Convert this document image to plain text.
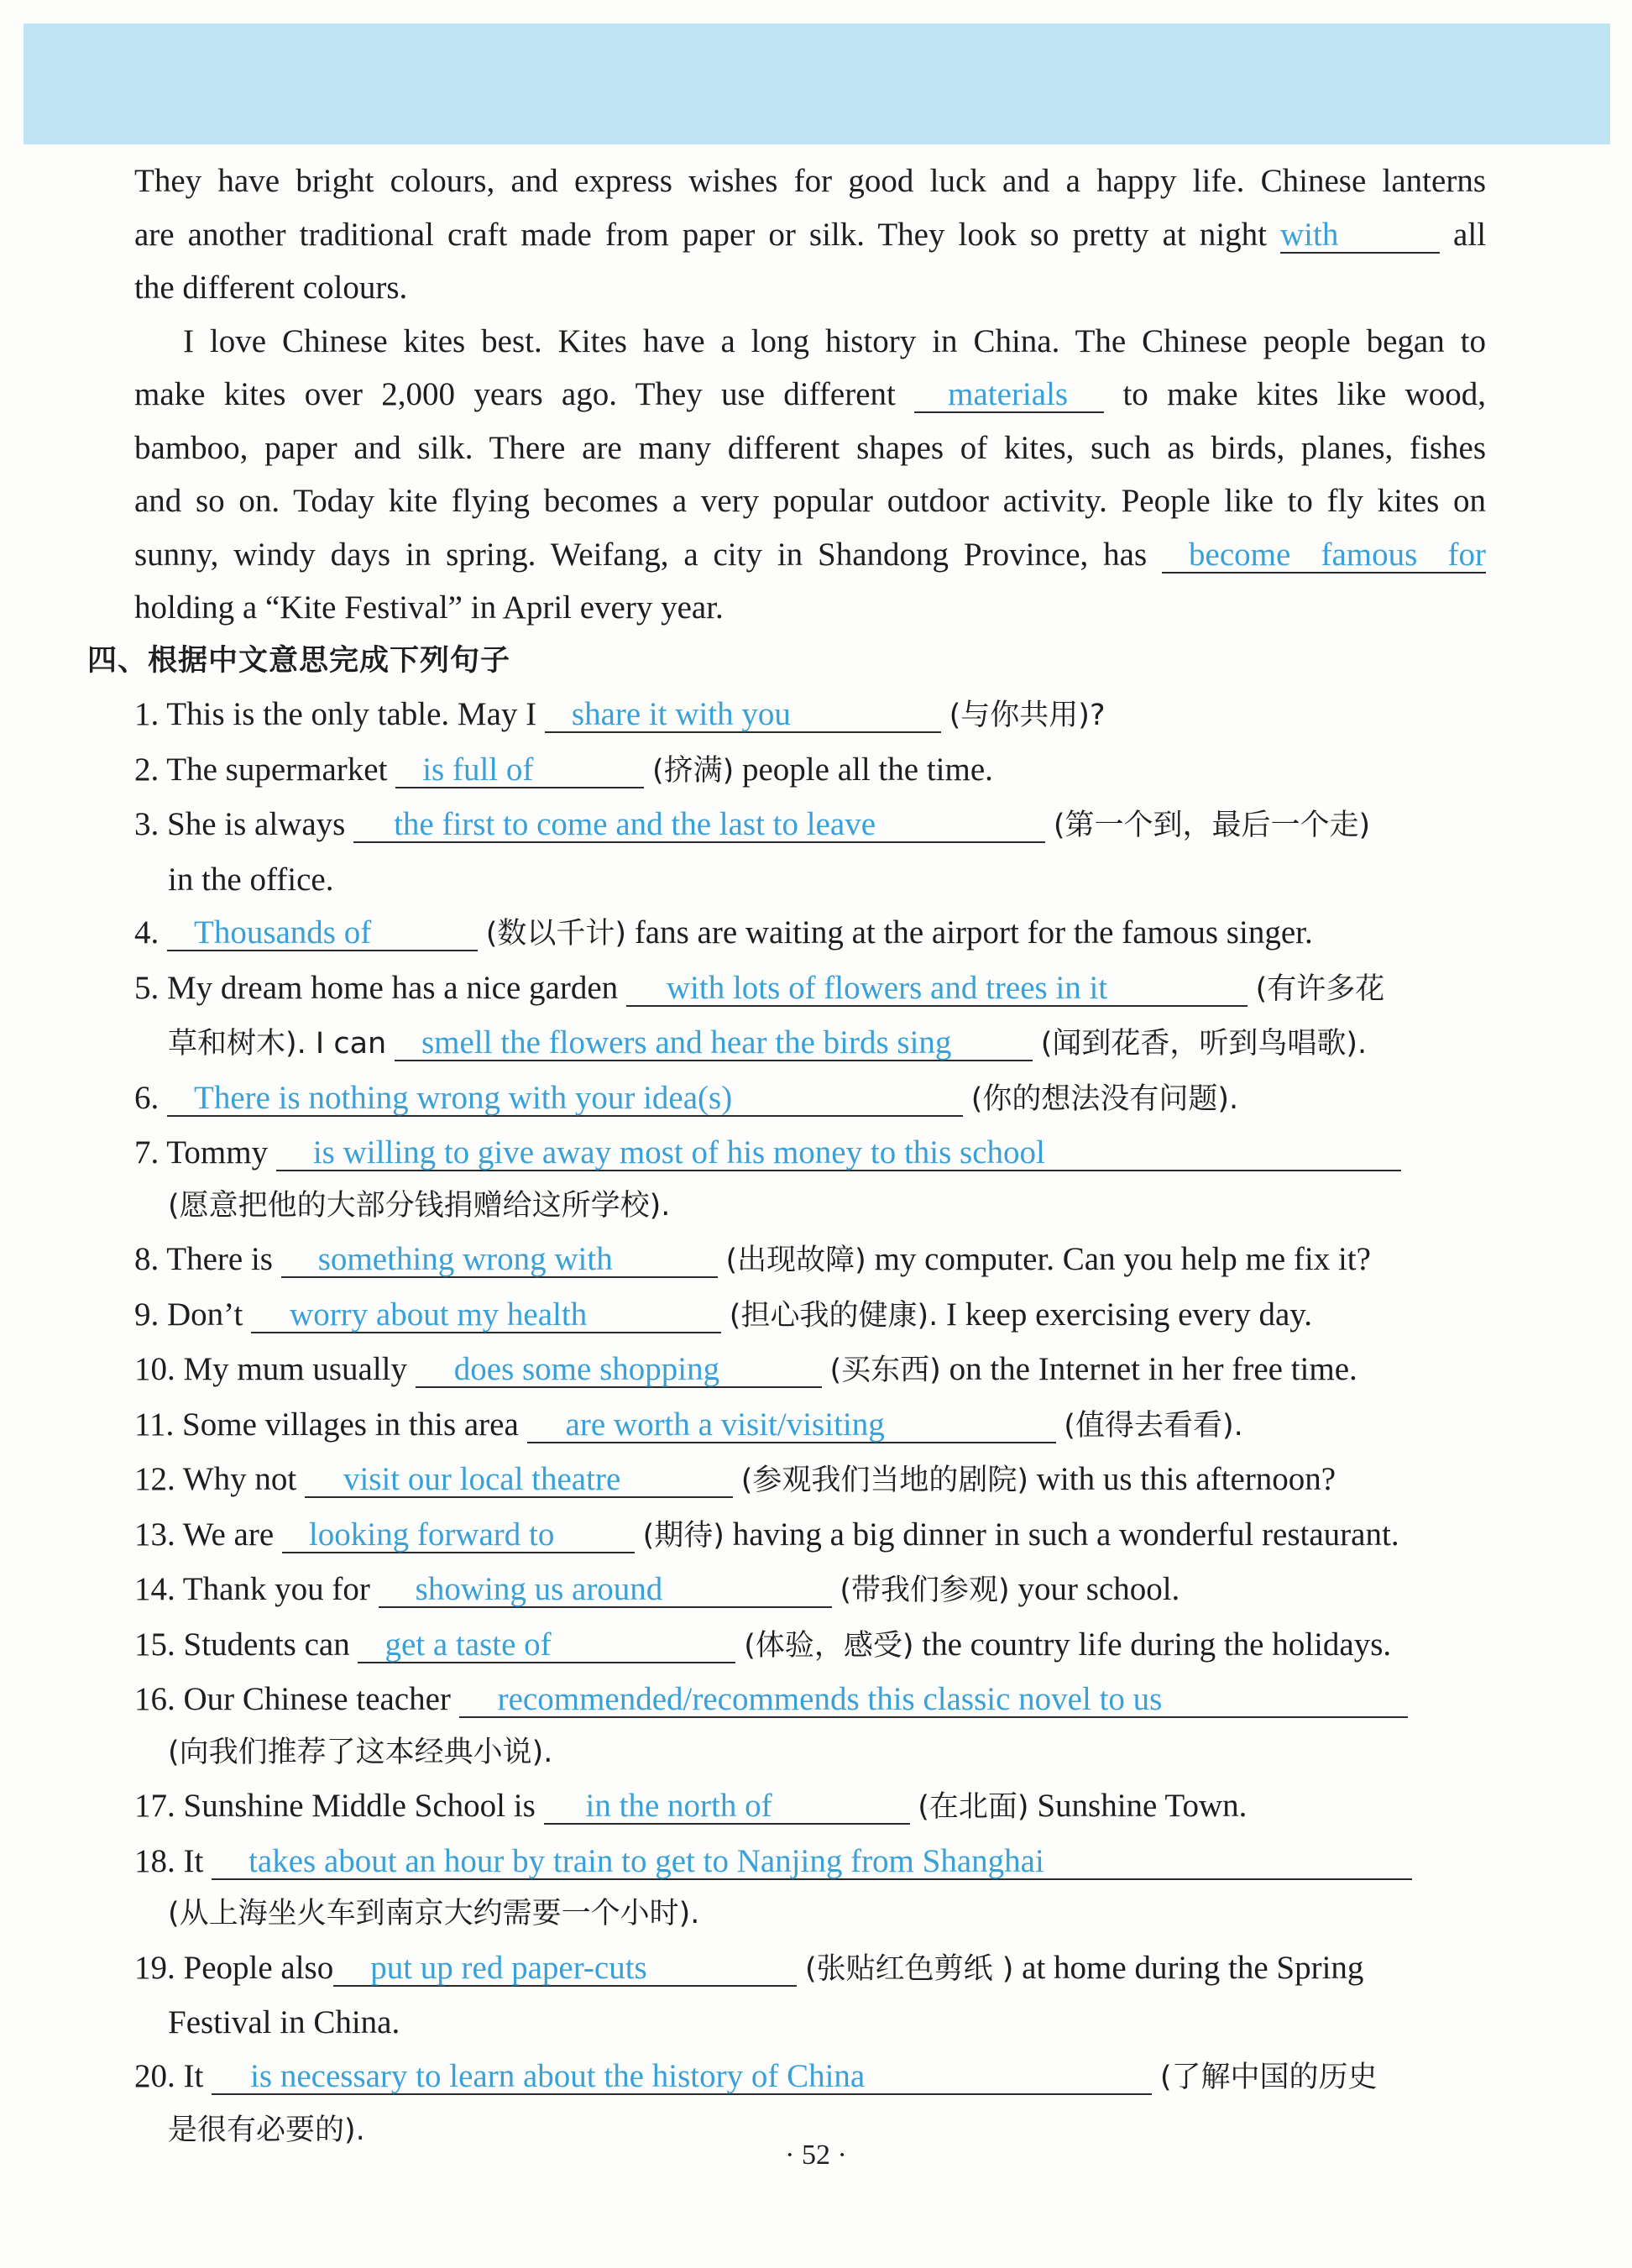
They have bright colours, and express wishes for good luck and a happy life. Chinese lanterns

are another traditional craft made from paper or silk. They look so pretty at night with	all

the different colours.

I love Chinese kites best. Kites have a long history in China. The Chinese people began to

make kites over 2,000 years ago. They use different materials to make kites like wood,

bamboo, paper and silk. There are many different shapes of kites, such as birds, planes, fishes

and so on. Today kite flying becomes a very popular outdoor activity. People like to fly kites on

sunny, windy days in spring. Weifang, a city in Shandong Province, has become famous for

holding a “Kite Festival” in April every year.

四、根据中文意思完成下列句子

1. This is the only table. May I share it with you	(与你共用)?

2. The supermarket is full of	(挤满) people all the time.

3. She is always the first to come and the last to leave	(第一个到，最后一个走)

in the office.

4. Thousands of	(数以千计) fans are waiting at the airport for the famous singer.

5. My dream home has a nice garden with lots of flowers and trees in it	(有许多花

草和树木). I can smell the flowers and hear the birds sing	(闻到花香，听到鸟唱歌).

6. There is nothing wrong with your idea(s)	(你的想法没有问题).

7. Tommy is willing to give away most of his money to this school

(愿意把他的大部分钱捐赠给这所学校).

8. There is something wrong with	(出现故障) my computer. Can you help me fix it?

9. Don’t worry about my health	(担心我的健康). I keep exercising every day.

10. My mum usually does some shopping	(买东西) on the Internet in her free time.

11. Some villages in this area are worth a visit/visiting	(值得去看看).

12. Why not visit our local theatre	(参观我们当地的剧院) with us this afternoon?

13. We are looking forward to	(期待) having a big dinner in such a wonderful restaurant.

14. Thank you for showing us around	(带我们参观) your school.

15. Students can get a taste of	(体验，感受) the country life during the holidays.

16. Our Chinese teacher recommended/recommends this classic novel to us

(向我们推荐了这本经典小说).

17. Sunshine Middle School is in the north of	(在北面) Sunshine Town.

18. It takes about an hour by train to get to Nanjing from Shanghai

(从上海坐火车到南京大约需要一个小时).

19. People also put up red paper-cuts	(张贴红色剪纸 ) at home during the Spring

Festival in China.

20. It is necessary to learn about the history of China	(了解中国的历史

是很有必要的).

· 52 ·
